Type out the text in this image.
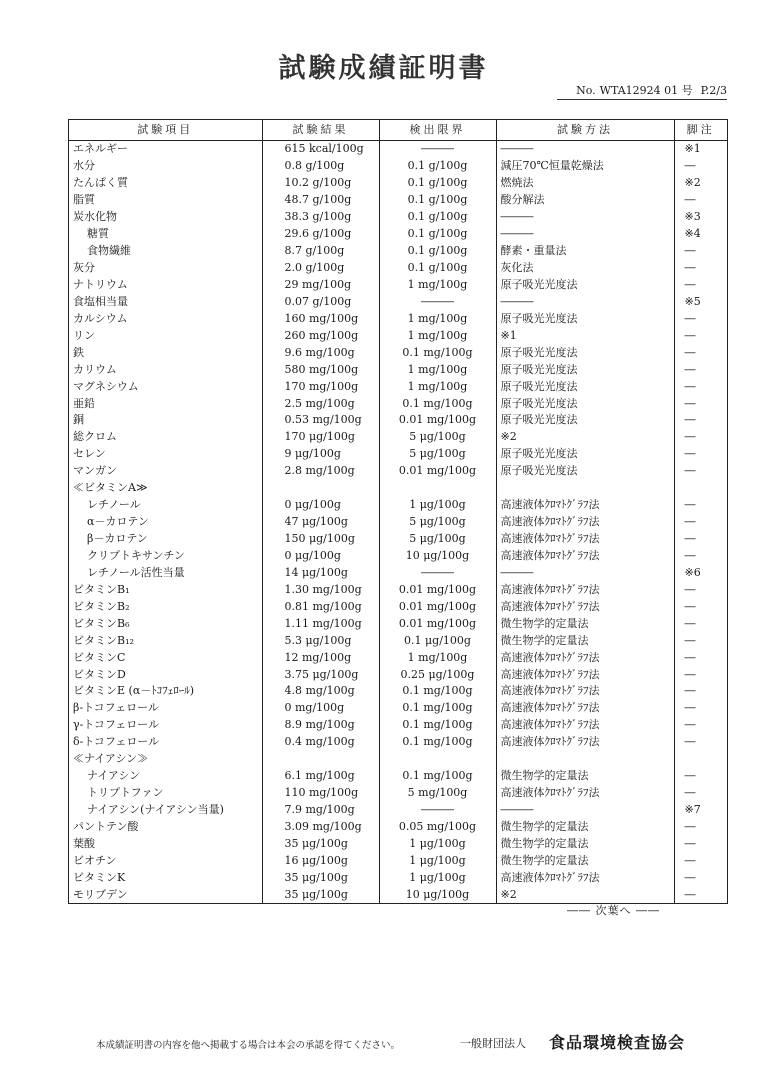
試験成績証明書
No. WTA12924 01 号 P.2/3
試験項目	試験結果	検出限界	試験方法	脚注
エネルギー	615 kcal/100g	―――	―――	※1
水分	0.8 g/100g	0.1 g/100g	減圧70℃恒量乾燥法	―
たんぱく質	10.2 g/100g	0.1 g/100g	燃焼法	※2
脂質	48.7 g/100g	0.1 g/100g	酸分解法	―
炭水化物	38.3 g/100g	0.1 g/100g	―――	※3
糖質	29.6 g/100g	0.1 g/100g	―――	※4
食物繊維	8.7 g/100g	0.1 g/100g	酵素・重量法	―
灰分	2.0 g/100g	0.1 g/100g	灰化法	―
ナトリウム	29 mg/100g	1 mg/100g	原子吸光光度法	―
食塩相当量	0.07 g/100g	―――	―――	※5
カルシウム	160 mg/100g	1 mg/100g	原子吸光光度法	―
リン	260 mg/100g	1 mg/100g	※1	―
鉄	9.6 mg/100g	0.1 mg/100g	原子吸光光度法	―
カリウム	580 mg/100g	1 mg/100g	原子吸光光度法	―
マグネシウム	170 mg/100g	1 mg/100g	原子吸光光度法	―
亜鉛	2.5 mg/100g	0.1 mg/100g	原子吸光光度法	―
銅	0.53 mg/100g	0.01 mg/100g	原子吸光光度法	―
総クロム	170 μg/100g	5 μg/100g	※2	―
セレン	9 μg/100g	5 μg/100g	原子吸光光度法	―
マンガン	2.8 mg/100g	0.01 mg/100g	原子吸光光度法	―
≪ビタミンA≫				
レチノール	0 μg/100g	1 μg/100g	高速液体ｸﾛﾏﾄｸﾞﾗﾌ法	―
α－カロテン	47 μg/100g	5 μg/100g	高速液体ｸﾛﾏﾄｸﾞﾗﾌ法	―
β－カロテン	150 μg/100g	5 μg/100g	高速液体ｸﾛﾏﾄｸﾞﾗﾌ法	―
クリプトキサンチン	0 μg/100g	10 μg/100g	高速液体ｸﾛﾏﾄｸﾞﾗﾌ法	―
レチノール活性当量	14 μg/100g	―――	―――	※6
ビタミンB₁	1.30 mg/100g	0.01 mg/100g	高速液体ｸﾛﾏﾄｸﾞﾗﾌ法	―
ビタミンB₂	0.81 mg/100g	0.01 mg/100g	高速液体ｸﾛﾏﾄｸﾞﾗﾌ法	―
ビタミンB₆	1.11 mg/100g	0.01 mg/100g	微生物学的定量法	―
ビタミンB₁₂	5.3 μg/100g	0.1 μg/100g	微生物学的定量法	―
ビタミンC	12 mg/100g	1 mg/100g	高速液体ｸﾛﾏﾄｸﾞﾗﾌ法	―
ビタミンD	3.75 μg/100g	0.25 μg/100g	高速液体ｸﾛﾏﾄｸﾞﾗﾌ法	―
ビタミンE (α－ﾄｺﾌｪﾛｰﾙ)	4.8 mg/100g	0.1 mg/100g	高速液体ｸﾛﾏﾄｸﾞﾗﾌ法	―
β-トコフェロール	0 mg/100g	0.1 mg/100g	高速液体ｸﾛﾏﾄｸﾞﾗﾌ法	―
γ-トコフェロール	8.9 mg/100g	0.1 mg/100g	高速液体ｸﾛﾏﾄｸﾞﾗﾌ法	―
δ-トコフェロール	0.4 mg/100g	0.1 mg/100g	高速液体ｸﾛﾏﾄｸﾞﾗﾌ法	―
≪ナイアシン≫				
ナイアシン	6.1 mg/100g	0.1 mg/100g	微生物学的定量法	―
トリプトファン	110 mg/100g	5 mg/100g	高速液体ｸﾛﾏﾄｸﾞﾗﾌ法	―
ナイアシン(ナイアシン当量)	7.9 mg/100g	―――	―――	※7
パントテン酸	3.09 mg/100g	0.05 mg/100g	微生物学的定量法	―
葉酸	35 μg/100g	1 μg/100g	微生物学的定量法	―
ビオチン	16 μg/100g	1 μg/100g	微生物学的定量法	―
ビタミンK	35 μg/100g	1 μg/100g	高速液体ｸﾛﾏﾄｸﾞﾗﾌ法	―
モリブデン	35 μg/100g	10 μg/100g	※2	―
―― 次葉へ ――
本成績証明書の内容を他へ掲載する場合は本会の承認を得てください。	一般財団法人 食品環境検査協会
